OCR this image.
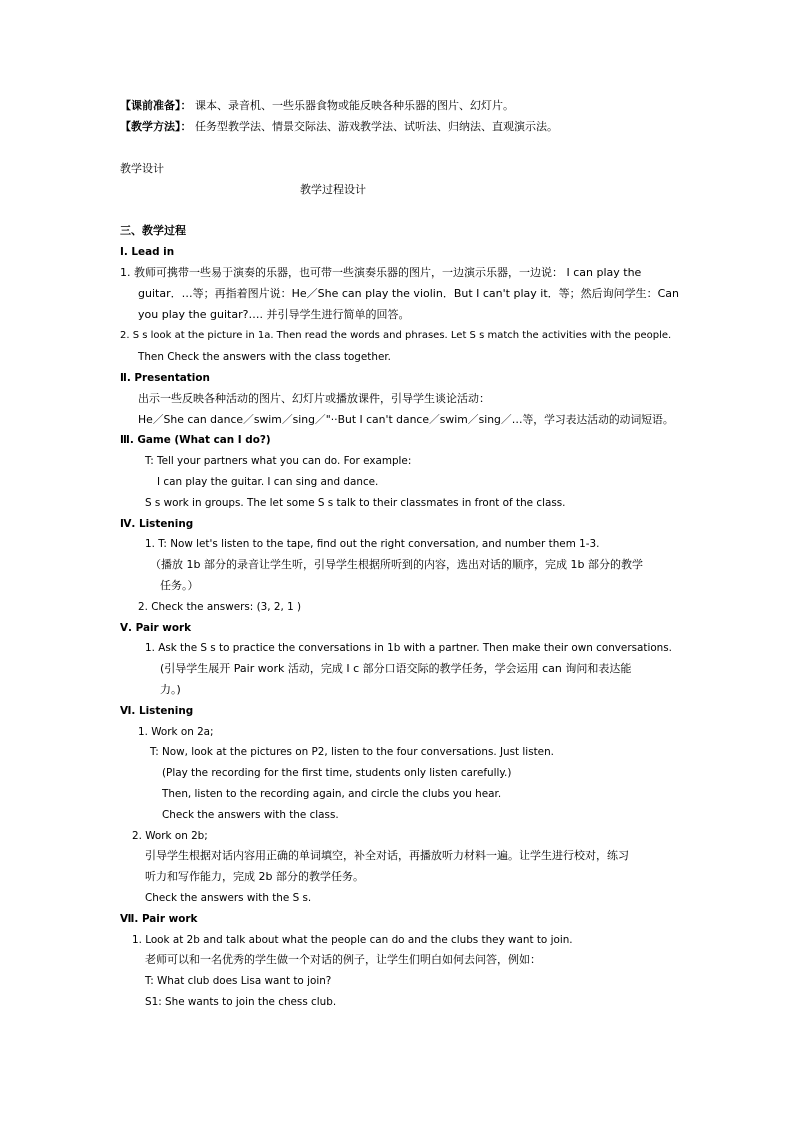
【课前准备】： 课本、录音机、一些乐器食物或能反映各种乐器的图片、幻灯片。
【教学方法】： 任务型教学法、情景交际法、游戏教学法、试听法、归纳法、直观演示法。
教学设计
教学过程设计
三、教学过程
Ⅰ. Lead in
1. 教师可携带一些易于演奏的乐器，也可带一些演奏乐器的图片，一边演示乐器，一边说： I can play the
guitar．…等；再指着图片说：He／She can play the violin．But I can't play it．等；然后询问学生：Can
you play the guitar?…. 并引导学生进行简单的回答。
2. S s look at the picture in 1a. Then read the words and phrases. Let S s match the activities with the people.
Then Check the answers with the class together.
Ⅱ. Presentation
出示一些反映各种活动的图片、幻灯片或播放课件，引导学生谈论活动：
He／She can dance／swim／sing／"··But I can't dance／swim／sing／…等，学习表达活动的动词短语。
Ⅲ. Game (What can I do?)
T: Tell your partners what you can do. For example:
I can play the guitar. I can sing and dance.
S s work in groups. The let some S s talk to their classmates in front of the class.
Ⅳ. Listening
1. T: Now let's listen to the tape, find out the right conversation, and number them 1-3.
（播放 1b 部分的录音让学生听，引导学生根据所听到的内容，选出对话的顺序，完成 1b 部分的教学
任务。）
2. Check the answers: (3, 2, 1 )
Ⅴ. Pair work
1. Ask the S s to practice the conversations in 1b with a partner. Then make their own conversations.
(引导学生展开 Pair work 活动，完成 I c 部分口语交际的教学任务，学会运用 can 询问和表达能
力。)
Ⅵ. Listening
1. Work on 2a;
T: Now, look at the pictures on P2, listen to the four conversations. Just listen.
(Play the recording for the first time, students only listen carefully.)
Then, listen to the recording again, and circle the clubs you hear.
Check the answers with the class.
2. Work on 2b;
引导学生根据对话内容用正确的单词填空，补全对话，再播放听力材料一遍。让学生进行校对，练习
听力和写作能力，完成 2b 部分的教学任务。
Check the answers with the S s.
Ⅶ. Pair work
1. Look at 2b and talk about what the people can do and the clubs they want to join.
老师可以和一名优秀的学生做一个对话的例子，让学生们明白如何去问答，例如：
T: What club does Lisa want to join?
S1: She wants to join the chess club.
